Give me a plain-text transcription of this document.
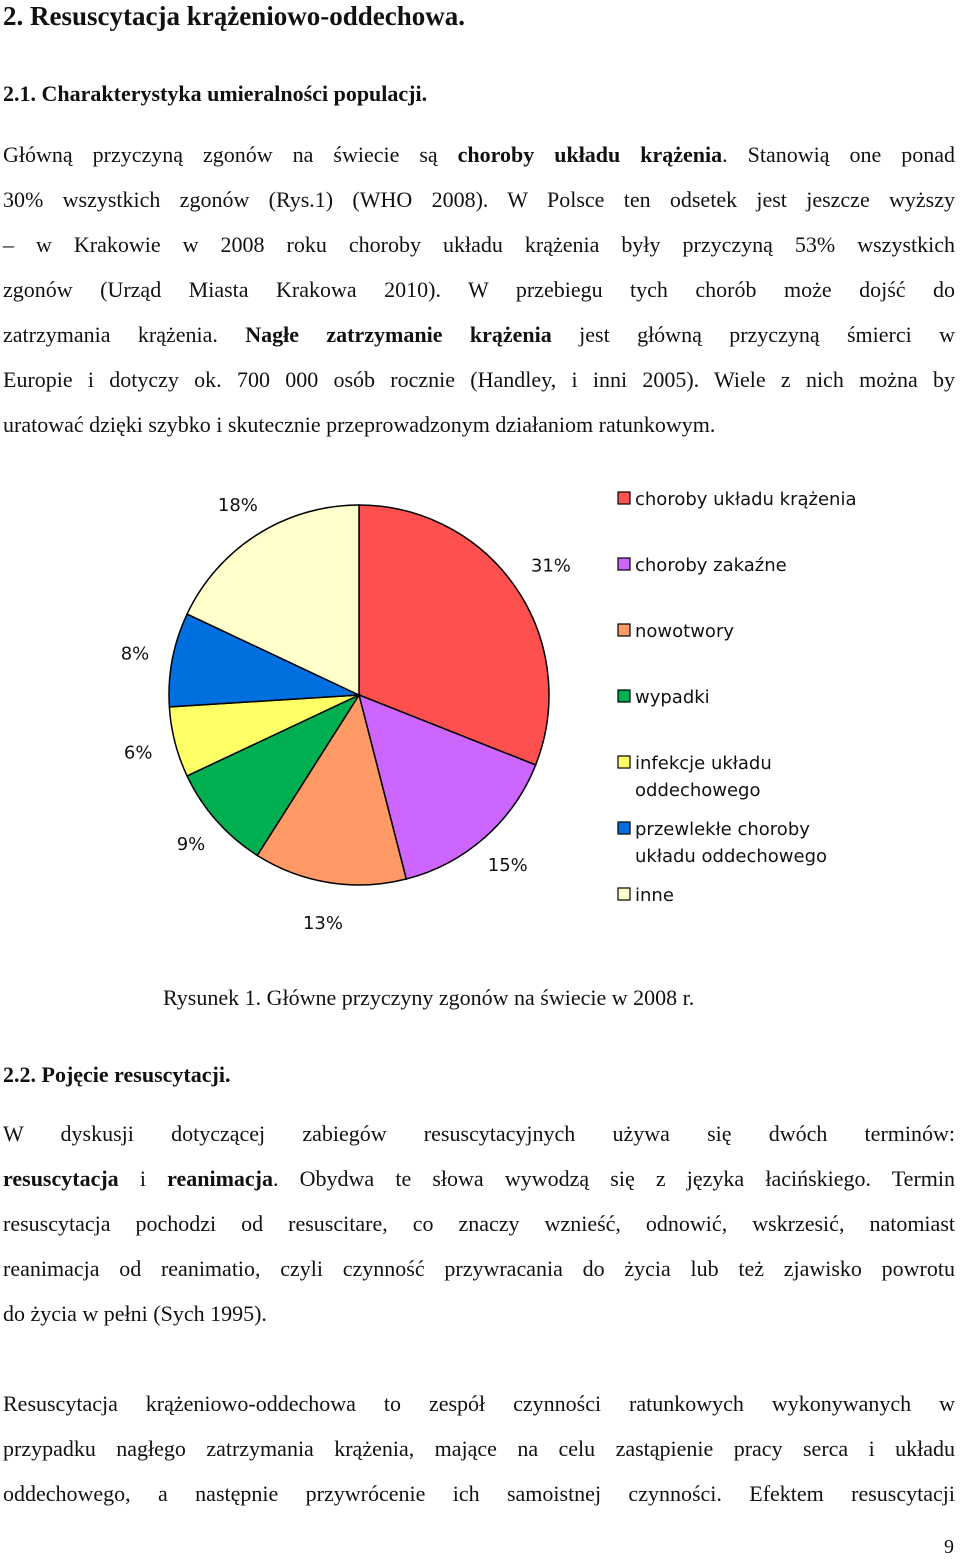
2. Resuscytacja krążeniowo-oddechowa.
2.1. Charakterystyka umieralności populacji.
Główną przyczyną zgonów na świecie są choroby układu krążenia. Stanowią one ponad
30% wszystkich zgonów (Rys.1) (WHO 2008). W Polsce ten odsetek jest jeszcze wyższy
– w Krakowie w 2008 roku choroby układu krążenia były przyczyną 53% wszystkich
zgonów (Urząd Miasta Krakowa 2010). W przebiegu tych chorób może dojść do
zatrzymania krążenia. Nagłe zatrzymanie krążenia jest główną przyczyną śmierci w
Europie i dotyczy ok. 700 000 osób rocznie (Handley, i inni 2005). Wiele z nich można by
uratować dzięki szybko i skutecznie przeprowadzonym działaniom ratunkowym.
31%
15%
13%
9%
6%
8%
18%	choroby układu krążenia
choroby zakaźne
nowotwory
wypadki
infekcje układu
oddechowego
przewlekłe choroby
układu oddechowego
inne
Rysunek 1. Główne przyczyny zgonów na świecie w 2008 r.
2.2. Pojęcie resuscytacji.
W dyskusji dotyczącej zabiegów resuscytacyjnych używa się dwóch terminów:
resuscytacja i reanimacja. Obydwa te słowa wywodzą się z języka łacińskiego. Termin
resuscytacja pochodzi od resuscitare, co znaczy wznieść, odnowić, wskrzesić, natomiast
reanimacja od reanimatio, czyli czynność przywracania do życia lub też zjawisko powrotu
do życia w pełni (Sych 1995).
Resuscytacja krążeniowo-oddechowa to zespół czynności ratunkowych wykonywanych w
przypadku nagłego zatrzymania krążenia, mające na celu zastąpienie pracy serca i układu
oddechowego, a następnie przywrócenie ich samoistnej czynności. Efektem resuscytacji
9
